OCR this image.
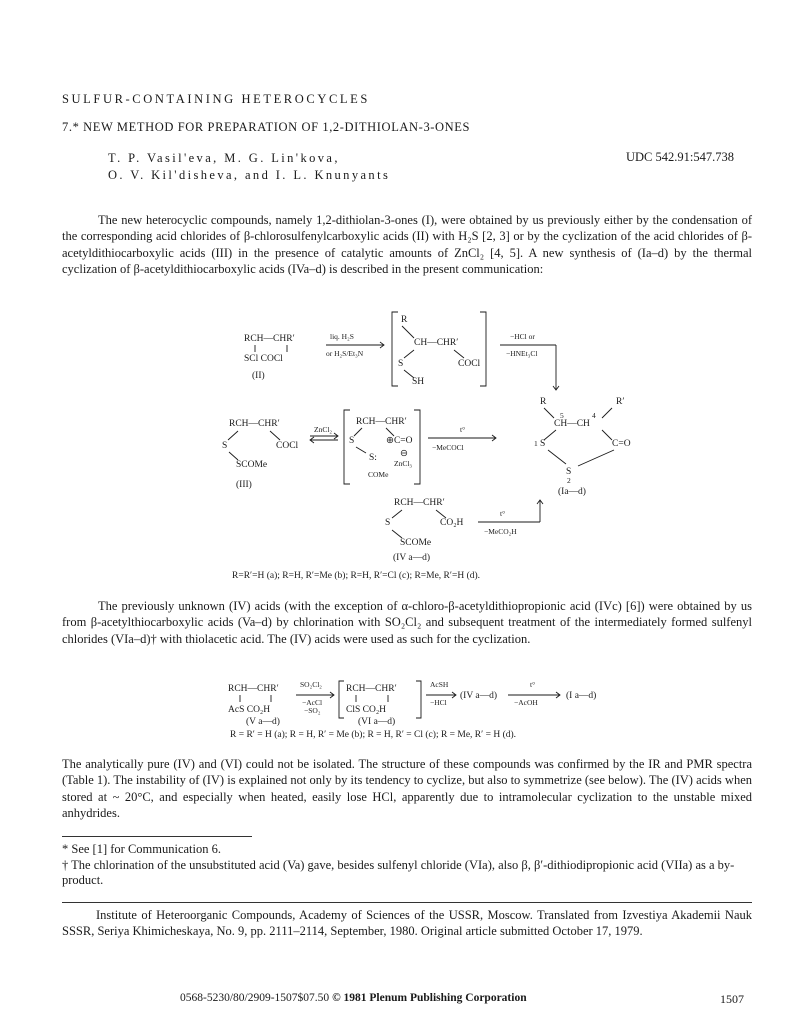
SULFUR-CONTAINING HETEROCYCLES
7.* NEW METHOD FOR PREPARATION OF 1,2-DITHIOLAN-3-ONES
T. P. Vasil'eva, M. G. Lin'kova,
O. V. Kil'disheva, and I. L. Knunyants
UDC 542.91:547.738

The new heterocyclic compounds, namely 1,2-dithiolan-3-ones (I), were obtained by us previously either by the condensation of the corresponding acid chlorides of β-chlorosulfenylcarboxylic acids (II) with H₂S [2, 3] or by the cyclization of the acid chlorides of β-acetyldithiocarboxylic acids (III) in the presence of catalytic amounts of ZnCl₂ [4, 5]. A new synthesis of (Ia–d) by the thermal cyclization of β-acetyldithiocarboxylic acids (IVa–d) is described in the present communication:

RCH—CHR′
SCl COCl
(II)
liq. H₂S
or H₂S/Et₃N
R
CH—CHR′
S	COCl
SH
−HCl or
−HNEt₃Cl
RCH—CHR′
S	COCl
SCOMe
(III)
ZnCl₂
RCH—CHR′
S	⊕C=O
S: ⊖
ZnCl₃
COMe
t°
−MeCOCl
R	R′
5	4
CH—CH
1 S	C=O
S
2
(Ia—d)
RCH—CHR′
S	CO₂H
SCOMe
(IV a—d)
t°
−MeCO₂H
R=R′=H (a); R=H, R′=Me (b); R=H, R′=Cl (c); R=Me, R′=H (d).
RCH—CHR′
AcS CO₂H
(V a—d)
SO₂Cl₂
−AcCl
−SO₂
RCH—CHR′
ClS CO₂H
(VI a—d)
AcSH
−HCl
(IV a—d)
t°
−AcOH
(I a—d)
R = R′ = H (a); R = H, R′ = Me (b); R = H, R′ = Cl (c); R = Me, R′ = H (d).

The previously unknown (IV) acids (with the exception of α-chloro-β-acetyldithiopropionic acid (IVc) [6]) were obtained by us from β-acetylthiocarboxylic acids (Va–d) by chlorination with SO₂Cl₂ and subsequent treatment of the intermediately formed sulfenyl chlorides (VIa–d)† with thiolacetic acid. The (IV) acids were used as such for the cyclization.

The analytically pure (IV) and (VI) could not be isolated. The structure of these compounds was confirmed by the IR and PMR spectra (Table 1). The instability of (IV) is explained not only by its tendency to cyclize, but also to symmetrize (see below). The (IV) acids when stored at ~ 20°C, and especially when heated, easily lose HCl, apparently due to intramolecular cyclization to the unstable mixed anhydrides.

* See [1] for Communication 6.

† The chlorination of the unsubstituted acid (Va) gave, besides sulfenyl chloride (VIa), also β, β′-dithiodipropionic acid (VIIa) as a by-product.

Institute of Heteroorganic Compounds, Academy of Sciences of the USSR, Moscow. Translated from Izvestiya Akademii Nauk SSSR, Seriya Khimicheskaya, No. 9, pp. 2111–2114, September, 1980. Original article submitted October 17, 1979.

0568-5230/80/2909-1507$07.50 © 1981 Plenum Publishing Corporation	1507
